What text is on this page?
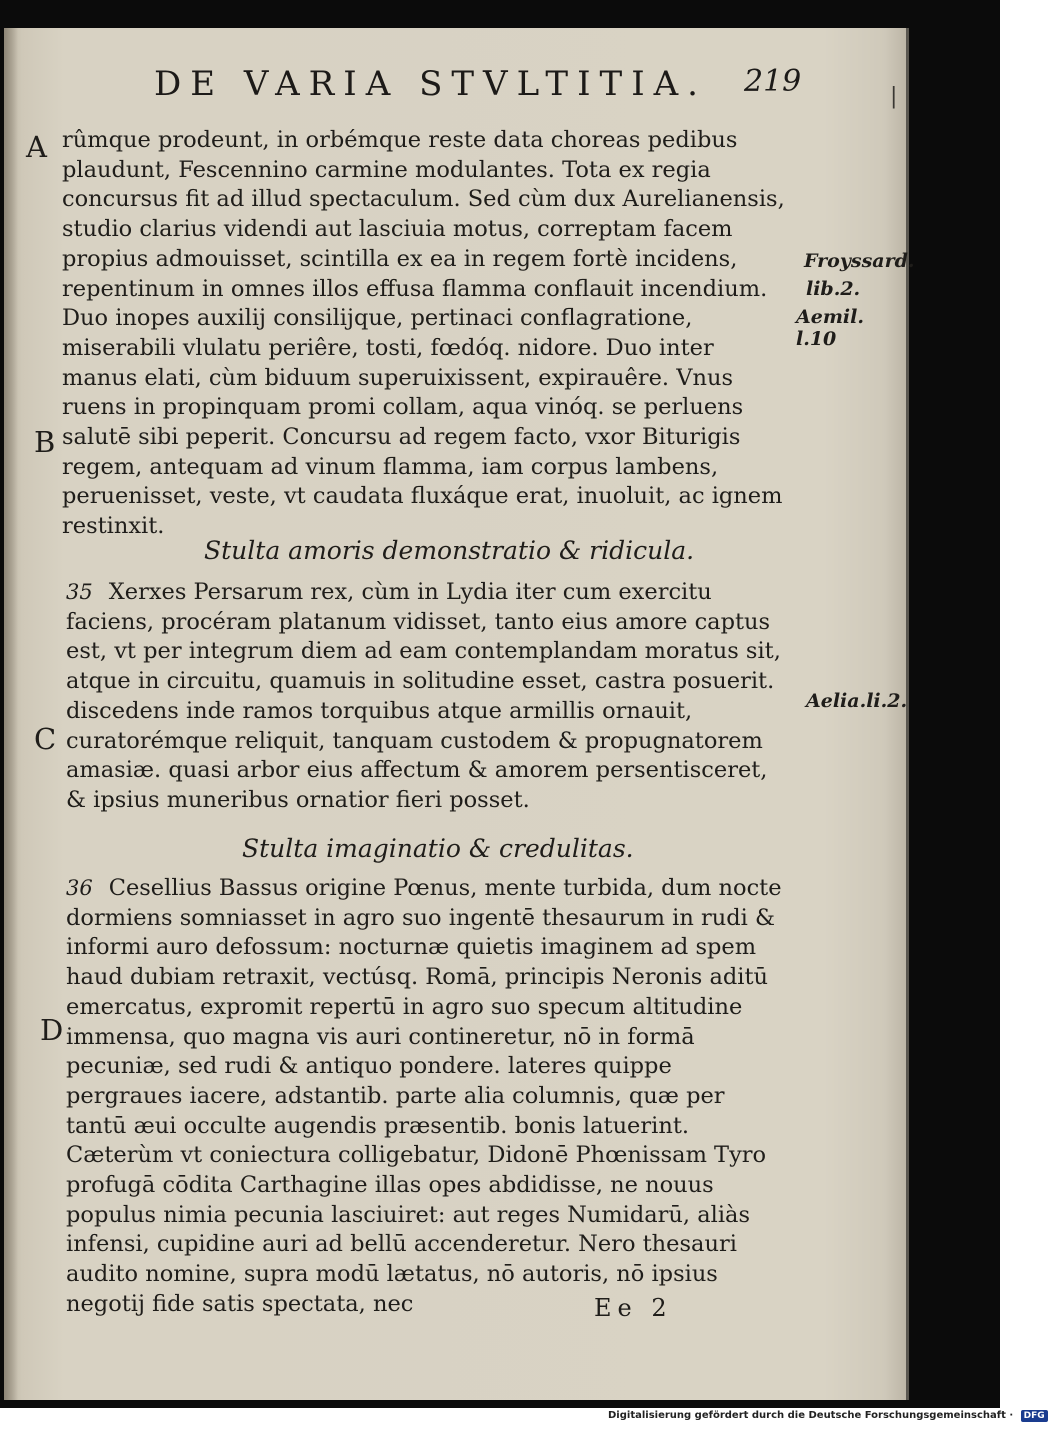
DE VARIA STVLTITIA. 219	|
A
B
C
D

rûmque prodeunt, in orbémque reste data choreas pedibus plaudunt, Fescennino carmine modulantes. Tota ex regia concursus fit ad illud spectaculum. Sed cùm dux Aurelianensis, studio clarius videndi aut lasciuia motus, correptam facem propius admouisset, scintilla ex ea in regem fortè incidens, repentinum in omnes illos effusa flamma conflauit incendium. Duo inopes auxilij consilijque, pertinaci conflagratione, miserabili vlulatu periêre, tosti, fœdóq. nidore. Duo inter manus elati, cùm biduum superuixissent, expirauêre. Vnus ruens in propinquam promi collam, aqua vinóq. se perluens salutē sibi peperit. Concursu ad regem facto, vxor Biturigis regem, antequam ad vinum flamma, iam corpus lambens, peruenisset, veste, vt caudata fluxáque erat, inuoluit, ac ignem restinxit.

Stulta amoris demonstratio & ridicula.

35 Xerxes Persarum rex, cùm in Lydia iter cum exercitu faciens, procéram platanum vidisset, tanto eius amore captus est, vt per integrum diem ad eam contemplandam moratus sit, atque in circuitu, quamuis in solitudine esset, castra posuerit. discedens inde ramos torquibus atque armillis ornauit, curatorémque reliquit, tanquam custodem & propugnatorem amasiæ. quasi arbor eius affectum & amorem persentisceret, & ipsius muneribus ornatior fieri posset.

Stulta imaginatio & credulitas.

36 Cesellius Bassus origine Pœnus, mente turbida, dum nocte dormiens somniasset in agro suo ingentē thesaurum in rudi & informi auro defossum: nocturnæ quietis imaginem ad spem haud dubiam retraxit, vectúsq. Romā, principis Neronis aditū emercatus, expromit repertū in agro suo specum altitudine immensa, quo magna vis auri contineretur, nō in formā pecuniæ, sed rudi & antiquo pondere. lateres quippe pergraues iacere, adstantib. parte alia columnis, quæ per tantū æui occulte augendis præsentib. bonis latuerint. Cæterùm vt coniectura colligebatur, Didonē Phœnissam Tyro profugā cōdita Carthagine illas opes abdidisse, ne nouus populus nimia pecunia lasciuiret: aut reges Numidarū, aliàs infensi, cupidine auri ad bellū accenderetur. Nero thesauri audito nomine, supra modū lætatus, nō autoris, nō ipsius negotij fide satis spectata, nec

Froyssard.
lib.2.
Aemil. l.10
Aelia.li.2.
Ee 2
Digitalisierung gefördert durch die Deutsche Forschungsgemeinschaft · DFG
